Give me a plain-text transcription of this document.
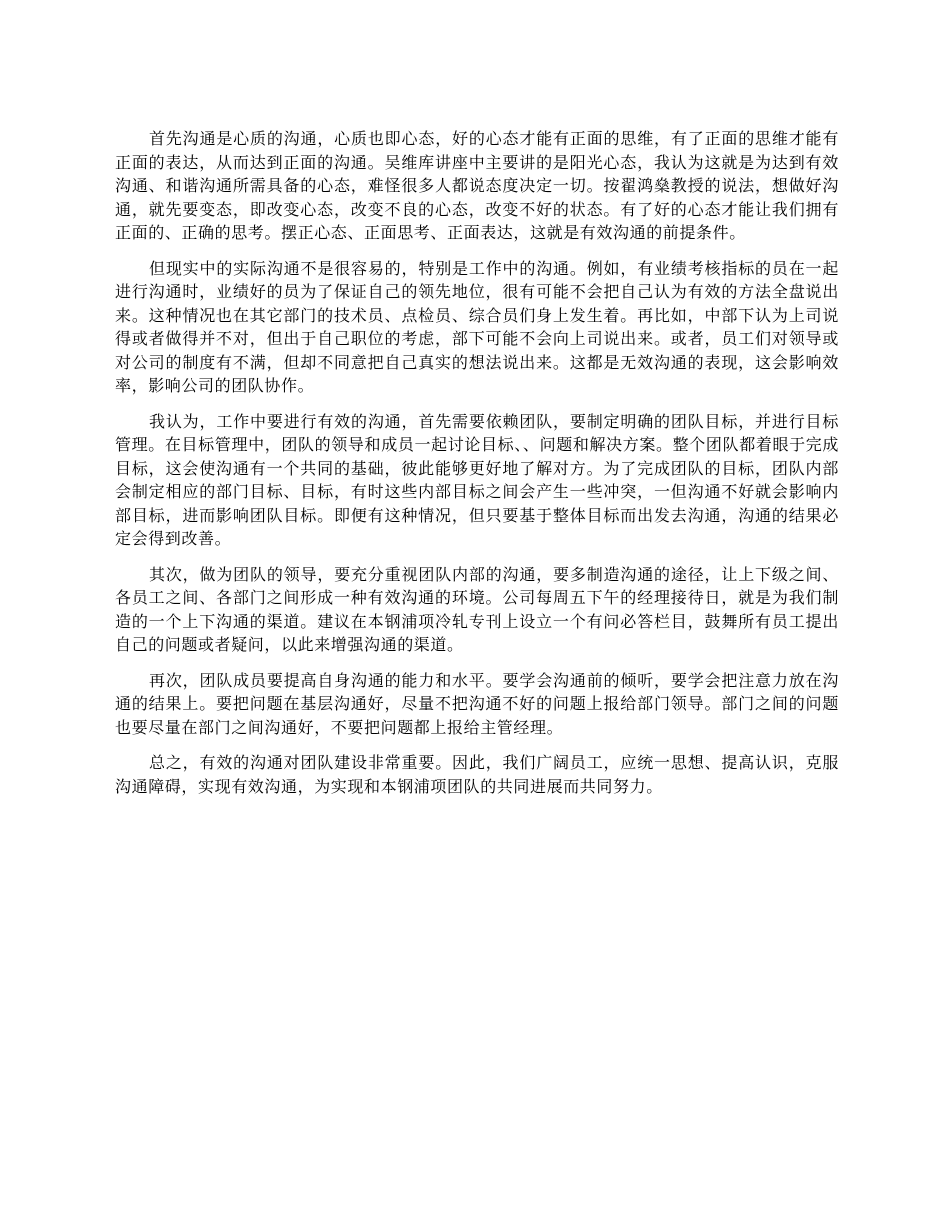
首先沟通是心质的沟通，心质也即心态，好的心态才能有正面的思维，有了正面的思维才能有正面的表达，从而达到正面的沟通。吴维库讲座中主要讲的是阳光心态，我认为这就是为达到有效沟通、和谐沟通所需具备的心态，难怪很多人都说态度决定一切。按翟鸿燊教授的说法，想做好沟通，就先要变态，即改变心态，改变不良的心态，改变不好的状态。有了好的心态才能让我们拥有正面的、正确的思考。摆正心态、正面思考、正面表达，这就是有效沟通的前提条件。

但现实中的实际沟通不是很容易的，特别是工作中的沟通。例如，有业绩考核指标的员在一起进行沟通时，业绩好的员为了保证自己的领先地位，很有可能不会把自己认为有效的方法全盘说出来。这种情况也在其它部门的技术员、点检员、综合员们身上发生着。再比如，中部下认为上司说得或者做得并不对，但出于自己职位的考虑，部下可能不会向上司说出来。或者，员工们对领导或对公司的制度有不满，但却不同意把自己真实的想法说出来。这都是无效沟通的表现，这会影响效率，影响公司的团队协作。

我认为，工作中要进行有效的沟通，首先需要依赖团队，要制定明确的团队目标，并进行目标管理。在目标管理中，团队的领导和成员一起讨论目标、、问题和解决方案。整个团队都着眼于完成目标，这会使沟通有一个共同的基础，彼此能够更好地了解对方。为了完成团队的目标，团队内部会制定相应的部门目标、目标，有时这些内部目标之间会产生一些冲突，一但沟通不好就会影响内部目标，进而影响团队目标。即便有这种情况，但只要基于整体目标而出发去沟通，沟通的结果必定会得到改善。

其次，做为团队的领导，要充分重视团队内部的沟通，要多制造沟通的途径，让上下级之间、各员工之间、各部门之间形成一种有效沟通的环境。公司每周五下午的经理接待日，就是为我们制造的一个上下沟通的渠道。建议在本钢浦项冷轧专刊上设立一个有问必答栏目，鼓舞所有员工提出自己的问题或者疑问，以此来增强沟通的渠道。

再次，团队成员要提高自身沟通的能力和水平。要学会沟通前的倾听，要学会把注意力放在沟通的结果上。要把问题在基层沟通好，尽量不把沟通不好的问题上报给部门领导。部门之间的问题也要尽量在部门之间沟通好，不要把问题都上报给主管经理。

总之，有效的沟通对团队建设非常重要。因此，我们广阔员工，应统一思想、提高认识，克服沟通障碍，实现有效沟通，为实现和本钢浦项团队的共同进展而共同努力。
